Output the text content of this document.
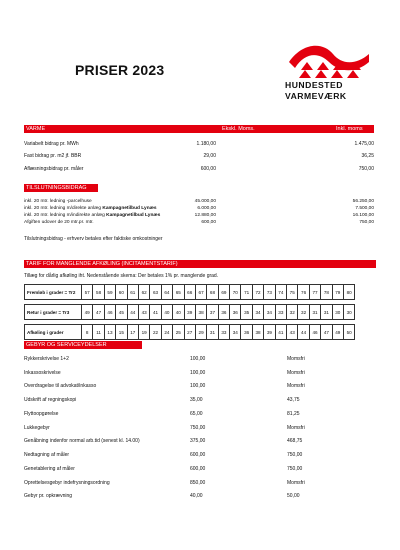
PRISER 2023
HUNDESTED
VARMEVÆRK
VARME	Ekskl. Moms.	Inkl. moms
Variabelt bidrag pr. MWh	1.180,00	1.475,00
Fast bidrag pr. m2 jf. BBR	29,00	36,25
Aflæsningsbidrag pr. måler	600,00	750,00
TILSLUTNINGSBIDRAG
inkl. 20 mtr. ledning -parcelhuse	45.000,00	56.250,00
inkl. 20 mtr. ledning m/direkte anlæg Kampagnetilbud Lynæs	6.000,00	7.500,00
inkl. 20 mtr. ledning m/indirekte anlæg Kampagnetilbud Lynæs	12.880,00	16.100,00
Afgiften udover de 20 mtr.pr. mtr.	600,00	750,00
Tilslutningsbidrag - erhverv betales efter faktiske omkostninger
TARIF FOR MANGLENDE AFKØLING (INCITAMENTSTARIF)
Tillæg for dårlig afkøling iht. Nedenstående skema: Der betales 1% pr. manglende grad.
Fremløb i grader = Tr2	57	58	59	60	61	62	63	64	65	66	67	68	69	70	71	72	73	74	75	76	77	78	79	80

Retur i grader = Tr3	49	47	46	45	44	43	41	40	40	39	38	37	36	36	35	34	34	33	32	32	31	31	30	30

Afkøling i grader	8	11	13	15	17	19	22	24	25	27	29	31	33	34	36	38	39	41	43	44	46	47	49	50
GEBYR OG SERVICEYDELSER
Rykkerskrivelse 1+2	100,00	Momsfri
Inkassoskrivelse	100,00	Momsfri
Overdragelse til advokat/inkasso	100,00	Momsfri
Udskrift af regningskopi	35,00	43,75
Flyttoopgørelse	65,00	81,25
Lukkegebyr	750,00	Momsfri
Genåbning indenfor normal arb.tid (senest kl. 14.00)	375,00	468,75
Nedtagning af måler	600,00	750,00
Genetablering af måler	600,00	750,00
Oprettelsesgebyr indefrysningsordning	850,00	Momsfri
Gebyr pr. opkrævning	40,00	50,00
